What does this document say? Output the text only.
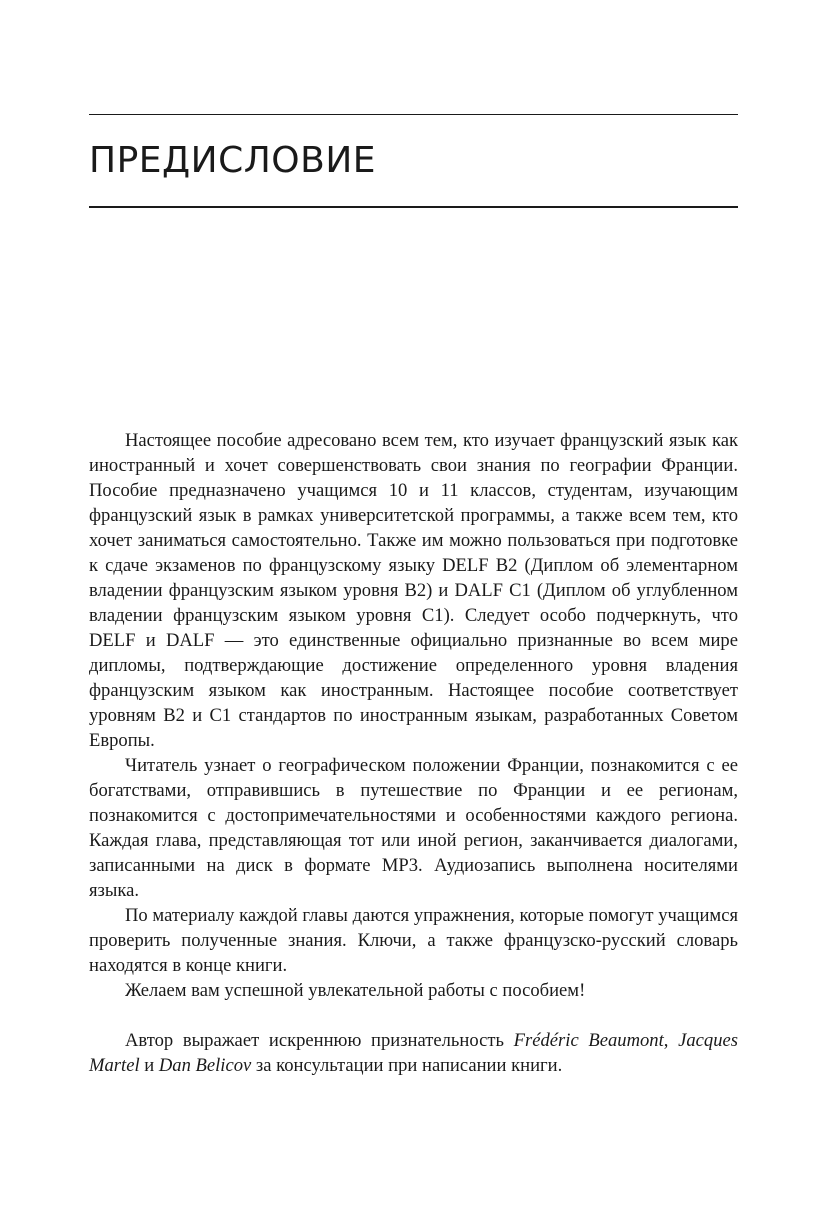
ПРЕДИСЛОВИЕ

Настоящее пособие адресовано всем тем, кто изучает французский язык как иностранный и хочет совершенствовать свои знания по географии Франции. Пособие предназначено учащимся 10 и 11 классов, студентам, изучающим французский язык в рамках университетской программы, а также всем тем, кто хочет заниматься самостоятельно. Также им можно пользоваться при подготовке к сдаче экзаменов по французскому языку DELF B2 (Диплом об элементарном владении французским языком уровня B2) и DALF C1 (Диплом об углубленном владении французским языком уровня C1). Следует особо подчеркнуть, что DELF и DALF — это единственные официально признанные во всем мире дипломы, подтверждающие достижение определенного уровня владения французским языком как иностранным. Настоящее пособие соответствует уровням B2 и C1 стандартов по иностранным языкам, разработанных Советом Европы.

Читатель узнает о географическом положении Франции, познакомится с ее богатствами, отправившись в путешествие по Франции и ее регионам, познакомится с достопримечательностями и особенностями каждого региона. Каждая глава, представляющая тот или иной регион, заканчивается диалогами, записанными на диск в формате MP3. Аудиозапись выполнена носителями языка.

По материалу каждой главы даются упражнения, которые помогут учащимся проверить полученные знания. Ключи, а также французско-русский словарь находятся в конце книги.

Желаем вам успешной увлекательной работы с пособием!

Автор выражает искреннюю признательность Frédéric Beaumont, Jacques Martel и Dan Belicov за консультации при написании книги.
